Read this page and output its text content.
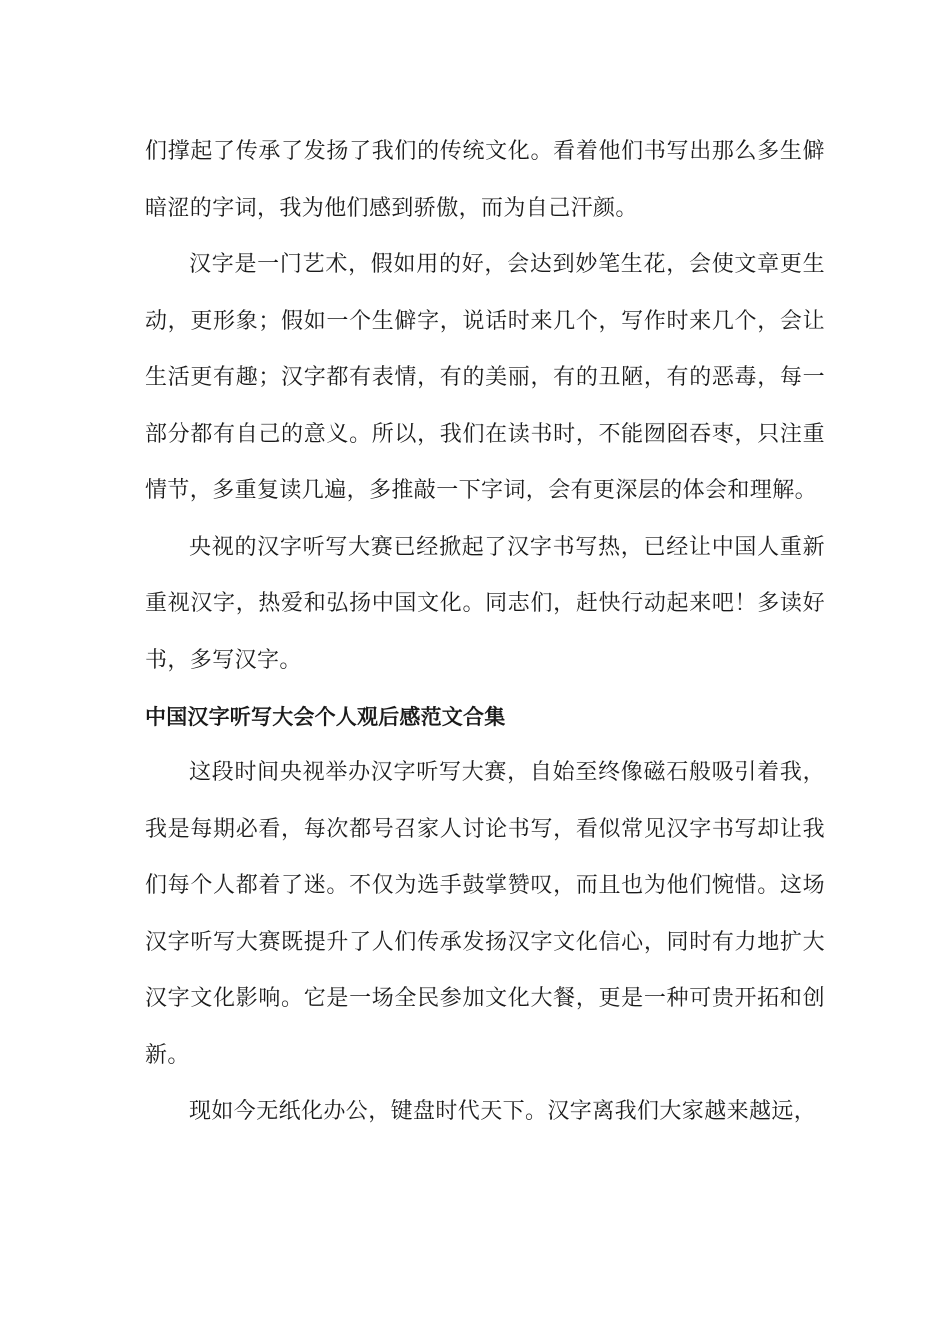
们撑起了传承了发扬了我们的传统文化。看着他们书写出那么多生僻暗涩的字词，我为他们感到骄傲，而为自己汗颜。

汉字是一门艺术，假如用的好，会达到妙笔生花，会使文章更生动，更形象；假如一个生僻字，说话时来几个，写作时来几个，会让生活更有趣；汉字都有表情，有的美丽，有的丑陋，有的恶毒，每一部分都有自己的意义。所以，我们在读书时，不能囫囵吞枣，只注重情节，多重复读几遍，多推敲一下字词，会有更深层的体会和理解。

央视的汉字听写大赛已经掀起了汉字书写热，已经让中国人重新重视汉字，热爱和弘扬中国文化。同志们，赶快行动起来吧！多读好书，多写汉字。

中国汉字听写大会个人观后感范文合集

这段时间央视举办汉字听写大赛，自始至终像磁石般吸引着我，我是每期必看，每次都号召家人讨论书写，看似常见汉字书写却让我们每个人都着了迷。不仅为选手鼓掌赞叹，而且也为他们惋惜。这场汉字听写大赛既提升了人们传承发扬汉字文化信心，同时有力地扩大汉字文化影响。它是一场全民参加文化大餐，更是一种可贵开拓和创新。

现如今无纸化办公，键盘时代天下。汉字离我们大家越来越远，
